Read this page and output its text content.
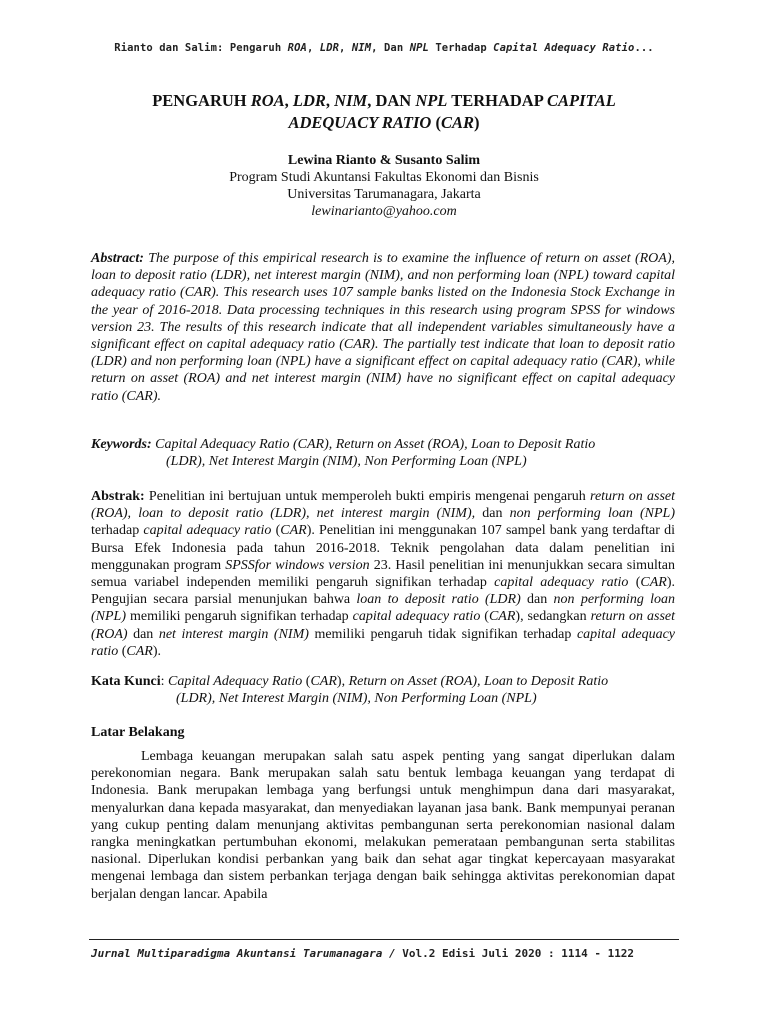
Rianto dan Salim: Pengaruh ROA, LDR, NIM, Dan NPL Terhadap Capital Adequacy Ratio...
PENGARUH ROA, LDR, NIM, DAN NPL TERHADAP CAPITAL
ADEQUACY RATIO (CAR)
Lewina Rianto & Susanto Salim
Program Studi Akuntansi Fakultas Ekonomi dan Bisnis
Universitas Tarumanagara, Jakarta
lewinarianto@yahoo.com
Abstract: The purpose of this empirical research is to examine the influence of return on asset (ROA), loan to deposit ratio (LDR), net interest margin (NIM), and non performing loan (NPL) toward capital adequacy ratio (CAR). This research uses 107 sample banks listed on the Indonesia Stock Exchange in the year of 2016-2018. Data processing techniques in this research using program SPSS for windows version 23. The results of this research indicate that all independent variables simultaneously have a significant effect on capital adequacy ratio (CAR). The partially test indicate that loan to deposit ratio (LDR) and non performing loan (NPL) have a significant effect on capital adequacy ratio (CAR), while return on asset (ROA) and net interest margin (NIM) have no significant effect on capital adequacy ratio (CAR).
Keywords: Capital Adequacy Ratio (CAR), Return on Asset (ROA), Loan to Deposit Ratio
(LDR), Net Interest Margin (NIM), Non Performing Loan (NPL)
Abstrak: Penelitian ini bertujuan untuk memperoleh bukti empiris mengenai pengaruh return on asset (ROA), loan to deposit ratio (LDR), net interest margin (NIM), dan non performing loan (NPL) terhadap capital adequacy ratio (CAR). Penelitian ini menggunakan 107 sampel bank yang terdaftar di Bursa Efek Indonesia pada tahun 2016-2018. Teknik pengolahan data dalam penelitian ini menggunakan program SPSSfor windows version 23. Hasil penelitian ini menunjukkan secara simultan semua variabel independen memiliki pengaruh signifikan terhadap capital adequacy ratio (CAR). Pengujian secara parsial menunjukan bahwa loan to deposit ratio (LDR) dan non performing loan (NPL) memiliki pengaruh signifikan terhadap capital adequacy ratio (CAR), sedangkan return on asset (ROA) dan net interest margin (NIM) memiliki pengaruh tidak signifikan terhadap capital adequacy ratio (CAR).
Kata Kunci: Capital Adequacy Ratio (CAR), Return on Asset (ROA), Loan to Deposit Ratio
(LDR), Net Interest Margin (NIM), Non Performing Loan (NPL)
Latar Belakang
Lembaga keuangan merupakan salah satu aspek penting yang sangat diperlukan dalam perekonomian negara. Bank merupakan salah satu bentuk lembaga keuangan yang terdapat di Indonesia. Bank merupakan lembaga yang berfungsi untuk menghimpun dana dari masyarakat, menyalurkan dana kepada masyarakat, dan menyediakan layanan jasa bank. Bank mempunyai peranan yang cukup penting dalam menunjang aktivitas pembangunan serta perekonomian nasional dalam rangka meningkatkan pertumbuhan ekonomi, melakukan pemerataan pembangunan serta stabilitas nasional. Diperlukan kondisi perbankan yang baik dan sehat agar tingkat kepercayaan masyarakat mengenai lembaga dan sistem perbankan terjaga dengan baik sehingga aktivitas perekonomian dapat berjalan dengan lancar. Apabila
Jurnal Multiparadigma Akuntansi Tarumanagara / Vol.2 Edisi Juli 2020 : 1114 - 1122
